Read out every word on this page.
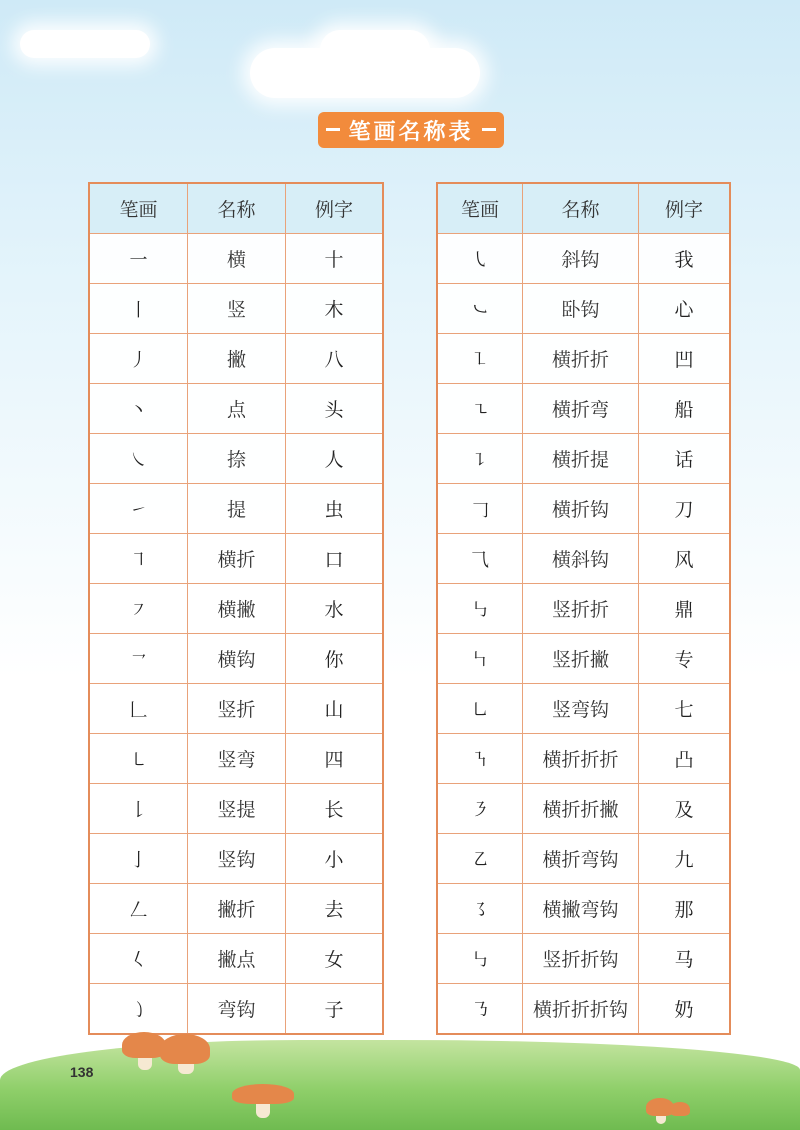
笔画名称表
笔画	名称	例字
一	横	十
丨	竖	木
丿	撇	八
丶	点	头
㇏	捺	人
㇀	提	虫
㇕	横折	口
㇇	横撇	水
㇖	横钩	你
𠃊	竖折	山
㇄	竖弯	四
𠄌	竖提	长
亅	竖钩	小
𠃋	撇折	去
𡿨	撇点	女
㇁	弯钩	子
笔画	名称	例字
㇂	斜钩	我
㇃	卧钩	心
㇅	横折折	凹
㇍	横折弯	船
㇊	横折提	话
𠃌	横折钩	刀
⺄	横斜钩	风
㇉	竖折折	鼎
㇞	竖折撇	专
㇟	竖弯钩	七
㇎	横折折折	凸
㇋	横折折撇	及
㇠	横折弯钩	九
㇌	横撇弯钩	那
㇉	竖折折钩	马
㇡	横折折折钩	奶
138
